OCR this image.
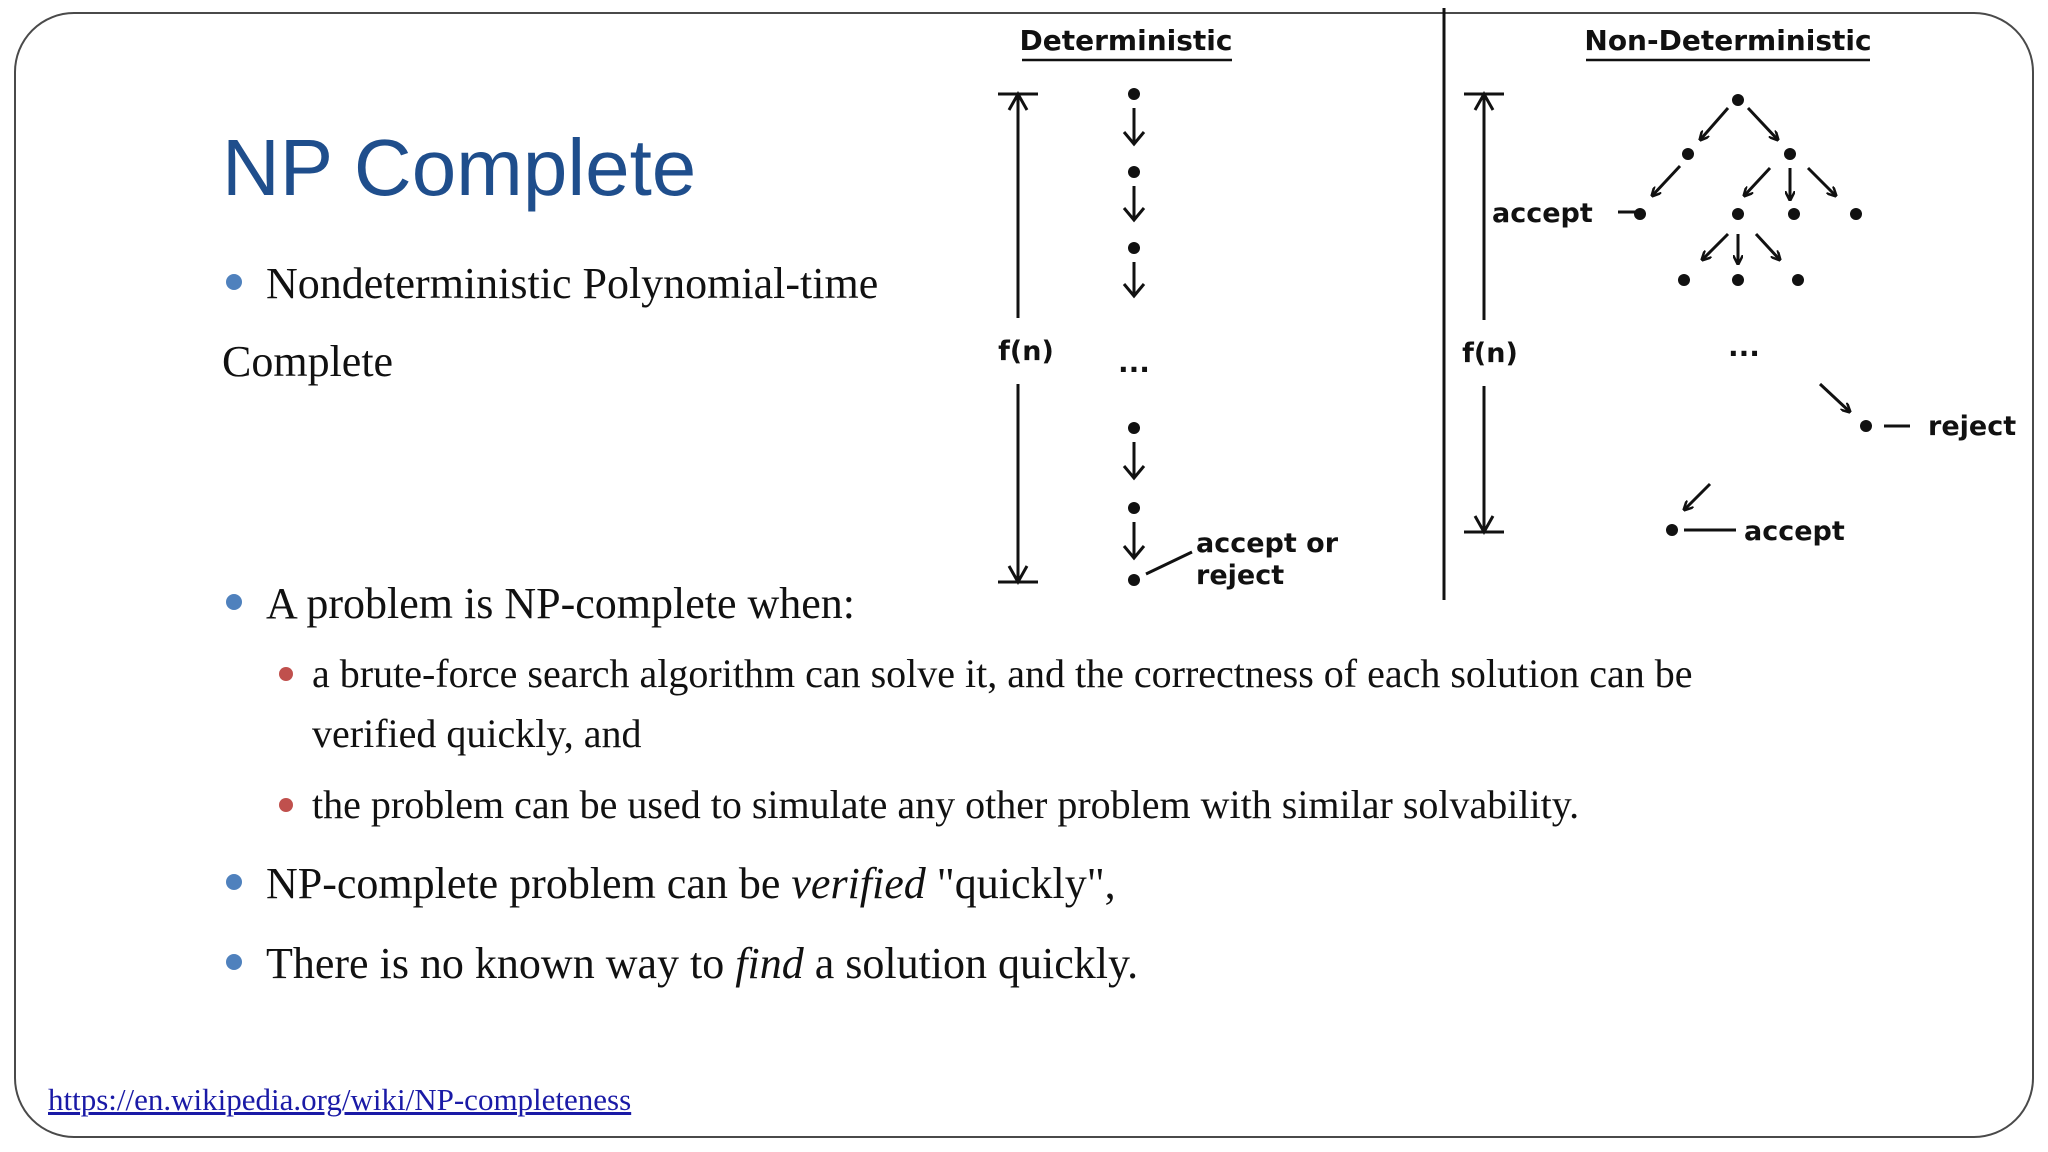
NP Complete
Nondeterministic Polynomial-time
Complete
A problem is NP-complete when:
a brute-force search algorithm can solve it, and the correctness of each solution can be
verified quickly, and
the problem can be used to simulate any other problem with similar solvability.
NP-complete problem can be verified "quickly",
There is no known way to find a solution quickly.
https://en.wikipedia.org/wiki/NP-completeness
Deterministic	Non-Deterministic
f(n) ...
accept or
reject
f(n)
accept
...
reject
accept
